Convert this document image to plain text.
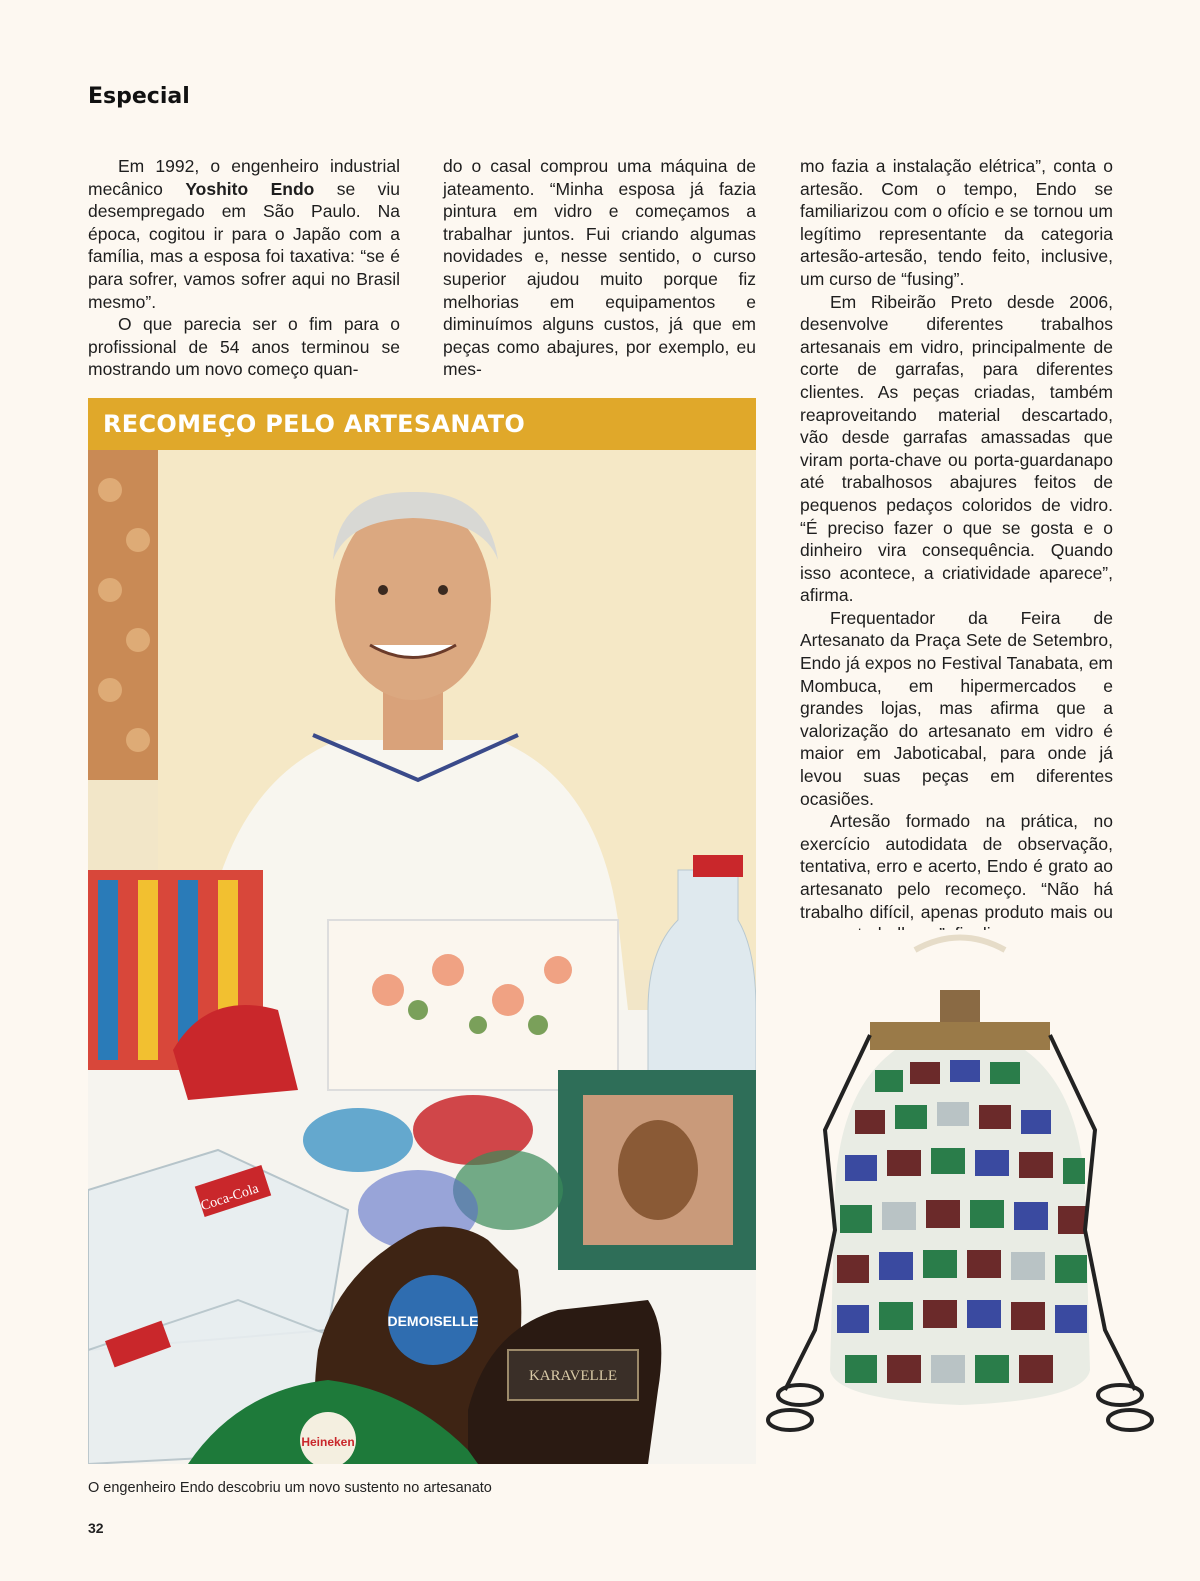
Especial

Em 1992, o engenheiro industrial mecânico Yoshito Endo se viu desempregado em São Paulo. Na época, cogitou ir para o Japão com a família, mas a esposa foi taxativa: “se é para sofrer, vamos sofrer aqui no Brasil mesmo”.

O que parecia ser o fim para o profissional de 54 anos terminou se mostrando um novo começo quan-

do o casal comprou uma máquina de jateamento. “Minha esposa já fazia pintura em vidro e começamos a trabalhar juntos. Fui criando algumas novidades e, nesse sentido, o curso superior ajudou muito porque fiz melhorias em equipamentos e diminuímos alguns custos, já que em peças como abajures, por exemplo, eu mes-

mo fazia a instalação elétrica”, conta o artesão. Com o tempo, Endo se familiarizou com o ofício e se tornou um legítimo representante da categoria artesão-artesão, tendo feito, inclusive, um curso de “fusing”.

Em Ribeirão Preto desde 2006, desenvolve diferentes trabalhos artesanais em vidro, principalmente de corte de garrafas, para diferentes clientes. As peças criadas, também reaproveitando material descartado, vão desde garrafas amassadas que viram porta-chave ou porta-guardanapo até trabalhosos abajures feitos de pequenos pedaços coloridos de vidro. “É preciso fazer o que se gosta e o dinheiro vira consequência. Quando isso acontece, a criatividade aparece”, afirma.

Frequentador da Feira de Artesanato da Praça Sete de Setembro, Endo já expos no Festival Tanabata, em Mombuca, em hipermercados e grandes lojas, mas afirma que a valorização do artesanato em vidro é maior em Jaboticabal, para onde já levou suas peças em diferentes ocasiões.

Artesão formado na prática, no exercício autodidata de observação, tentativa, erro e acerto, Endo é grato ao artesanato pelo recomeço. “Não há trabalho difícil, apenas produto mais ou

RECOMEÇO PELO ARTESANATO
Coca-Cola
DEMOISELLE
KARAVELLE
Heineken

O engenheiro Endo descobriu um novo sustento no artesanato

32
